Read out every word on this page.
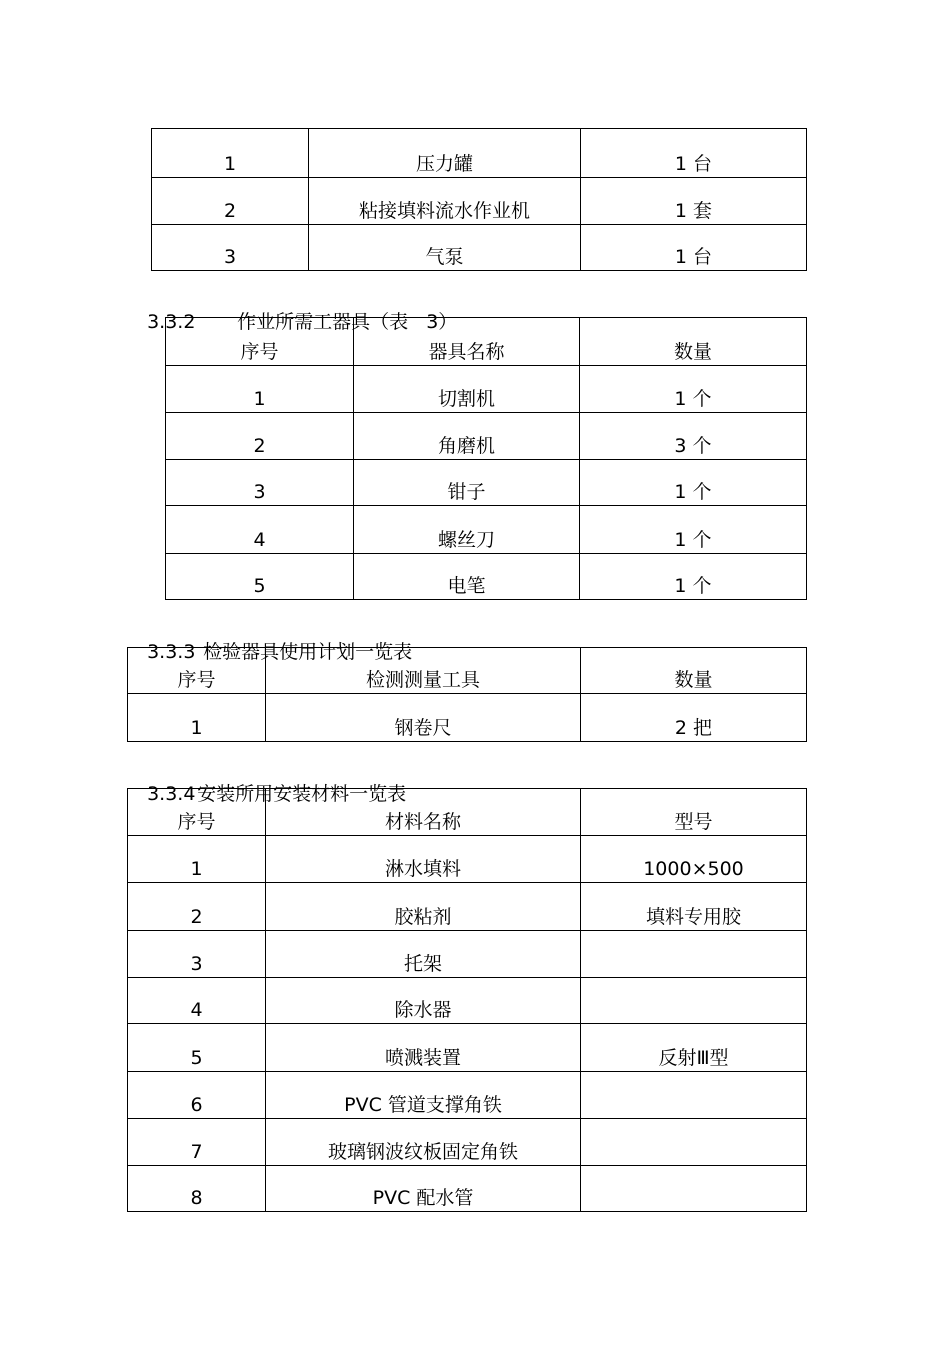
1	压力罐	1 台
2	粘接填料流水作业机	1 套
3	气泵	1 台

3.3.2 作业所需工器具（表   3）

序号	器具名称	数量
1	切割机	1 个
2	角磨机	3 个
3	钳子	1 个
4	螺丝刀	1 个
5	电笔	1 个

3.3.3 检验器具使用计划一览表

序号	检测测量工具	数量
1	钢卷尺	2 把

3.3.4安装所用安装材料一览表

序号	材料名称	型号
1	淋水填料	1000×500
2	胶粘剂	填料专用胶
3	托架	
4	除水器	
5	喷溅装置	反射Ⅲ型
6	PVC 管道支撑角铁	
7	玻璃钢波纹板固定角铁	
8	PVC 配水管	
